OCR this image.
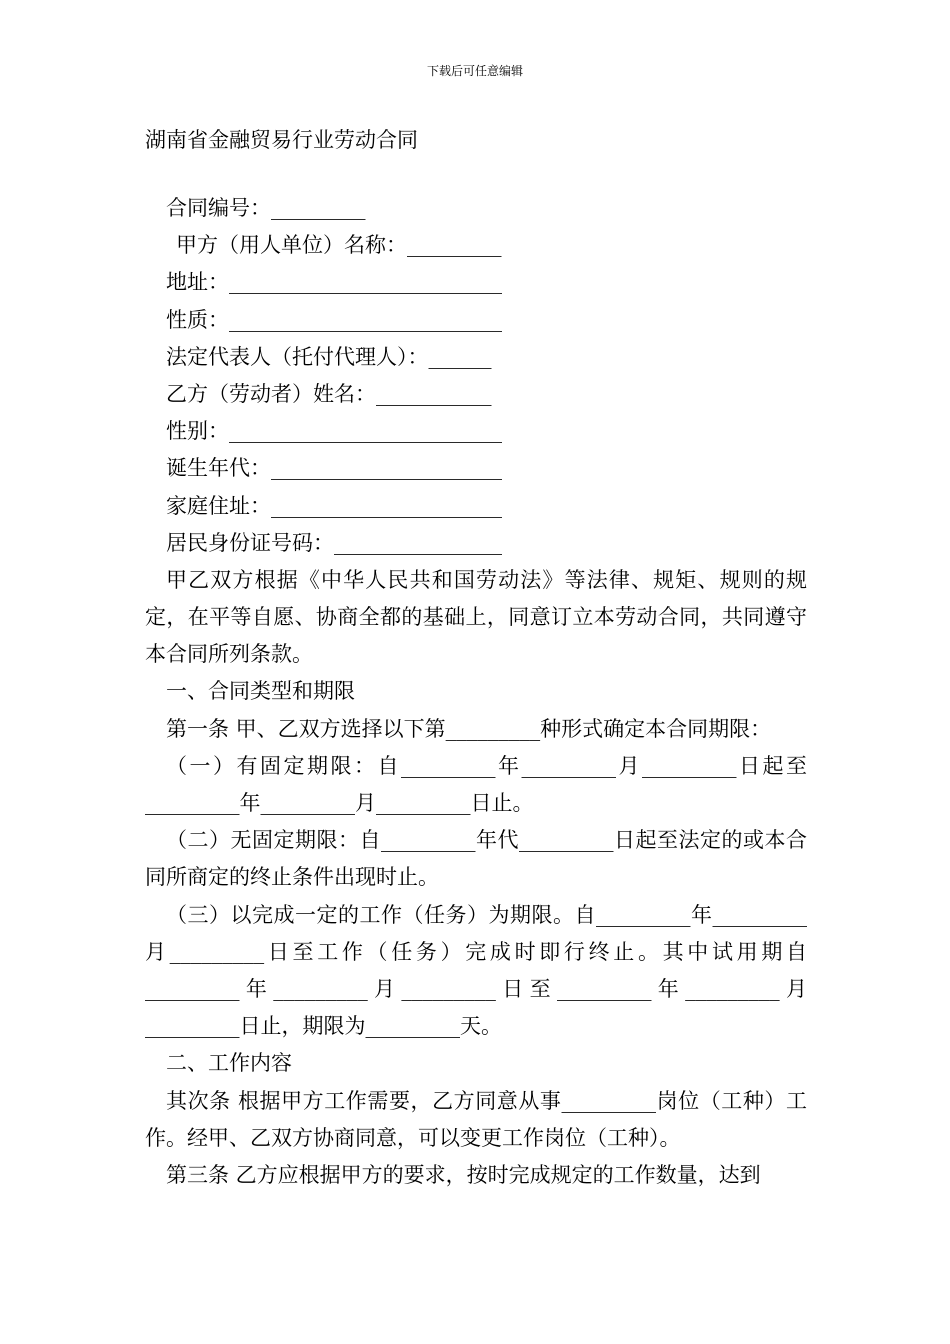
下载后可任意编辑
湖南省金融贸易行业劳动合同
合同编号：_________
甲方（用人单位）名称：_________
地址：__________________________
性质：__________________________
法定代表人（托付代理人）：______
乙方（劳动者）姓名：___________
性别：__________________________
诞生年代：______________________
家庭住址：______________________
居民身份证号码：________________
甲乙双方根据《中华人民共和国劳动法》等法律、规矩、规则的规定，在平等自愿、协商全都的基础上，同意订立本劳动合同，共同遵守本合同所列条款。
一、合同类型和期限
第一条 甲、乙双方选择以下第_________种形式确定本合同期限：
（一）有固定期限：自_________年_________月_________日起至_________年_________月_________日止。
（二）无固定期限：自_________年代_________日起至法定的或本合同所商定的终止条件出现时止。
（三）以完成一定的工作（任务）为期限。自_________年_________月_________日至工作（任务）完成时即行终止。其中试用期自_________年_________月_________日至_________年_________月_________日止，期限为_________天。
二、工作内容
其次条 根据甲方工作需要，乙方同意从事_________岗位（工种）工作。经甲、乙双方协商同意，可以变更工作岗位（工种）。
第三条 乙方应根据甲方的要求，按时完成规定的工作数量，达到
